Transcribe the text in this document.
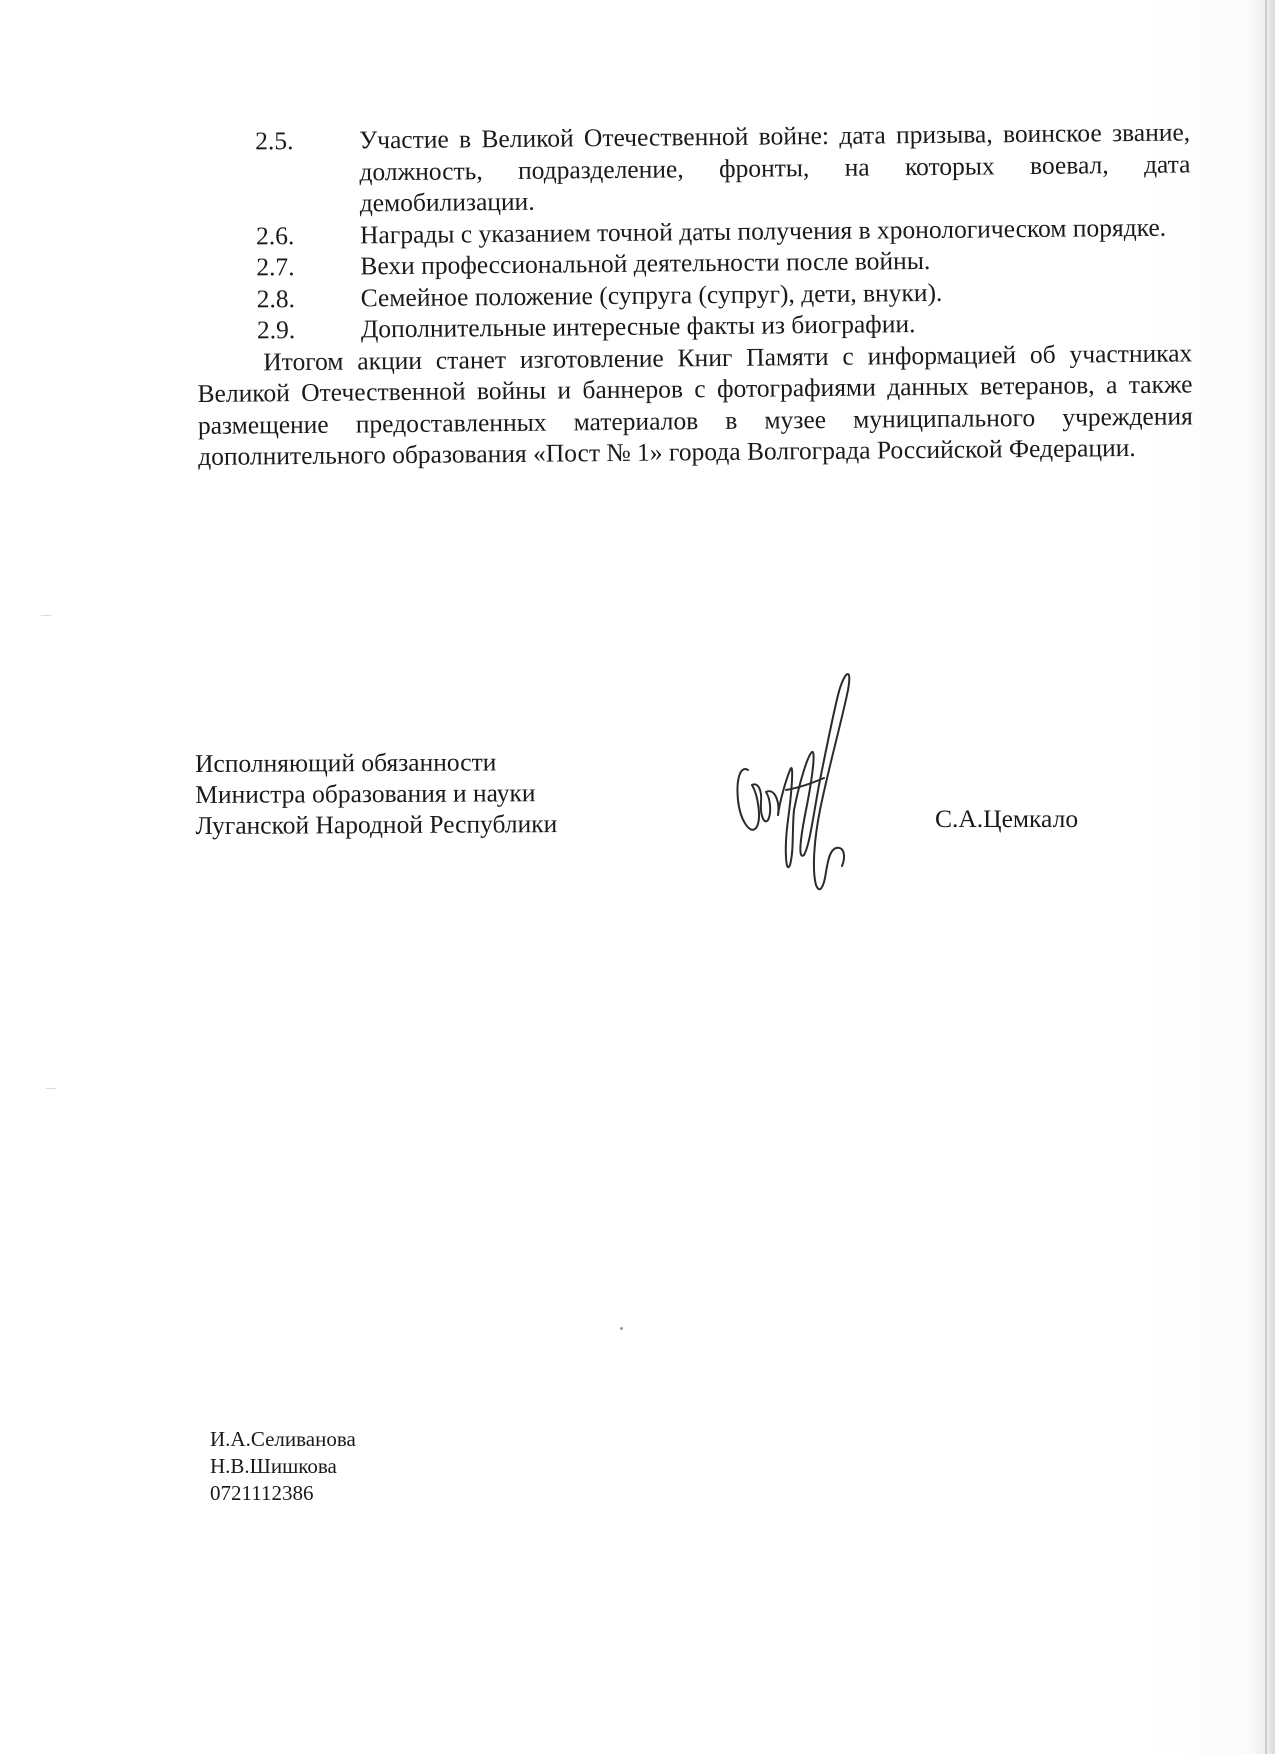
2.5.	Участие в Великой Отечественной войне: дата призыва, воинское звание, должность, подразделение, фронты, на которых воевал, дата демобилизации.
2.6.	Награды с указанием точной даты получения в хронологическом порядке.
2.7.	Вехи профессиональной деятельности после войны.
2.8.	Семейное положение (супруга (супруг), дети, внуки).
2.9.	Дополнительные интересные факты из биографии.

Итогом акции станет изготовление Книг Памяти с информацией об участниках Великой Отечественной войны и баннеров с фотографиями данных ветеранов, а также размещение предоставленных материалов в музее муниципального учреждения дополнительного образования «Пост № 1» города Волгограда Российской Федерации.

Исполняющий обязанности
Министра образования и науки
Луганской Народной Республики	С.А.Цемкало
И.А.Селиванова
Н.В.Шишкова
0721112386
